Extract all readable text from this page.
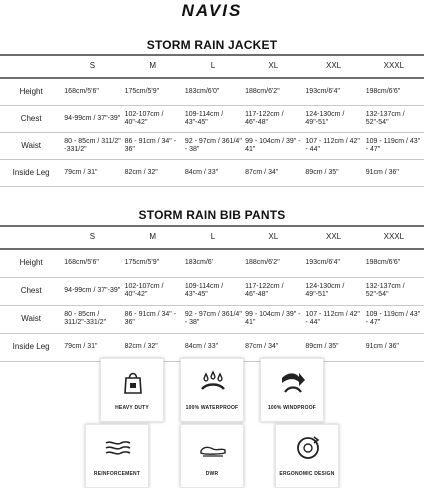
NAVIS
STORM RAIN JACKET
	S	M	L	XL	XXL	XXXL
Height	168cm/5'6"	175cm/5'9"	183cm/6'0"	188cm/6'2"	193cm/6'4"	198cm/6'6"
Chest	94-99cm / 37"-39"	102-107cm / 40"-42"	109-114cm / 43"-45"	117-122cm / 46"-48"	124-130cm / 49"-51"	132-137cm / 52"-54"
Waist	80 - 85cm / 311/2" -331/2"	86 - 91cm / 34" - 36"	92 - 97cm / 361/4" - 38"	99 - 104cm / 39" - 41"	107 - 112cm / 42" - 44"	109 - 119cm / 43" - 47"
Inside Leg	79cm / 31"	82cm / 32"	84cm / 33"	87cm / 34"	89cm / 35"	91cm / 36"
STORM RAIN BIB PANTS
	S	M	L	XL	XXL	XXXL
Height	168cm/5'6"	175cm/5'9"	183cm/6'	188cm/6'2"	193cm/6'4"	198cm/6'6"
Chest	94-99cm / 37"-39"	102-107cm / 40"-42"	109-114cm / 43"-45"	117-122cm / 46"-48"	124-130cm / 49"-51"	132-137cm / 52"-54"
Waist	80 - 85cm / 311/2"-331/2"	86 - 91cm / 34" - 36"	92 - 97cm / 361/4" - 38"	99 - 104cm / 39" - 41"	107 - 112cm / 42" - 44"	109 - 119cm / 43" - 47"
Inside Leg	79cm / 31"	82cm / 32"	84cm / 33"	87cm / 34"	89cm / 35"	91cm / 36"
HEAVY DUTY	100% WATERPROOF	100% WINDPROOF
REINFORCEMENT	DWR	ERGONOMIC DESIGN
